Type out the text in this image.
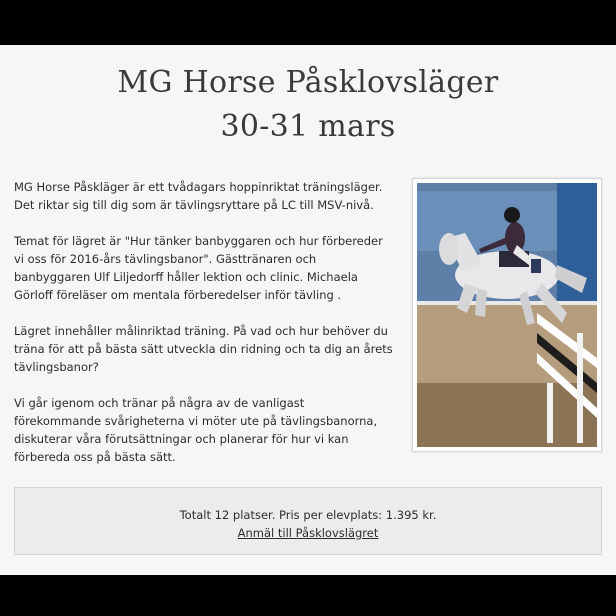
MG Horse Påsklovsläger
30-31 mars

MG Horse Påskläger är ett tvådagars hoppinriktat träningsläger. Det riktar sig till dig som är tävlingsryttare på LC till MSV-nivå.

Temat för lägret är "Hur tänker banbyggaren och hur förbereder vi oss för 2016-års tävlingsbanor". Gästtränaren och banbyggaren Ulf Liljedorff håller lektion och clinic. Michaela Görloff föreläser om mentala förberedelser inför tävling .

Lägret innehåller målinriktad träning. På vad och hur behöver du träna för att på bästa sätt utveckla din ridning och ta dig an årets tävlingsbanor?

Vi går igenom och tränar på några av de vanligast förekommande svårigheterna vi möter ute på tävlingsbanorna, diskuterar våra förutsättningar och planerar för hur vi kan förbereda oss på bästa sätt.

Totalt 12 platser. Pris per elevplats: 1.395 kr.
Anmäl till Påsklovslägret
